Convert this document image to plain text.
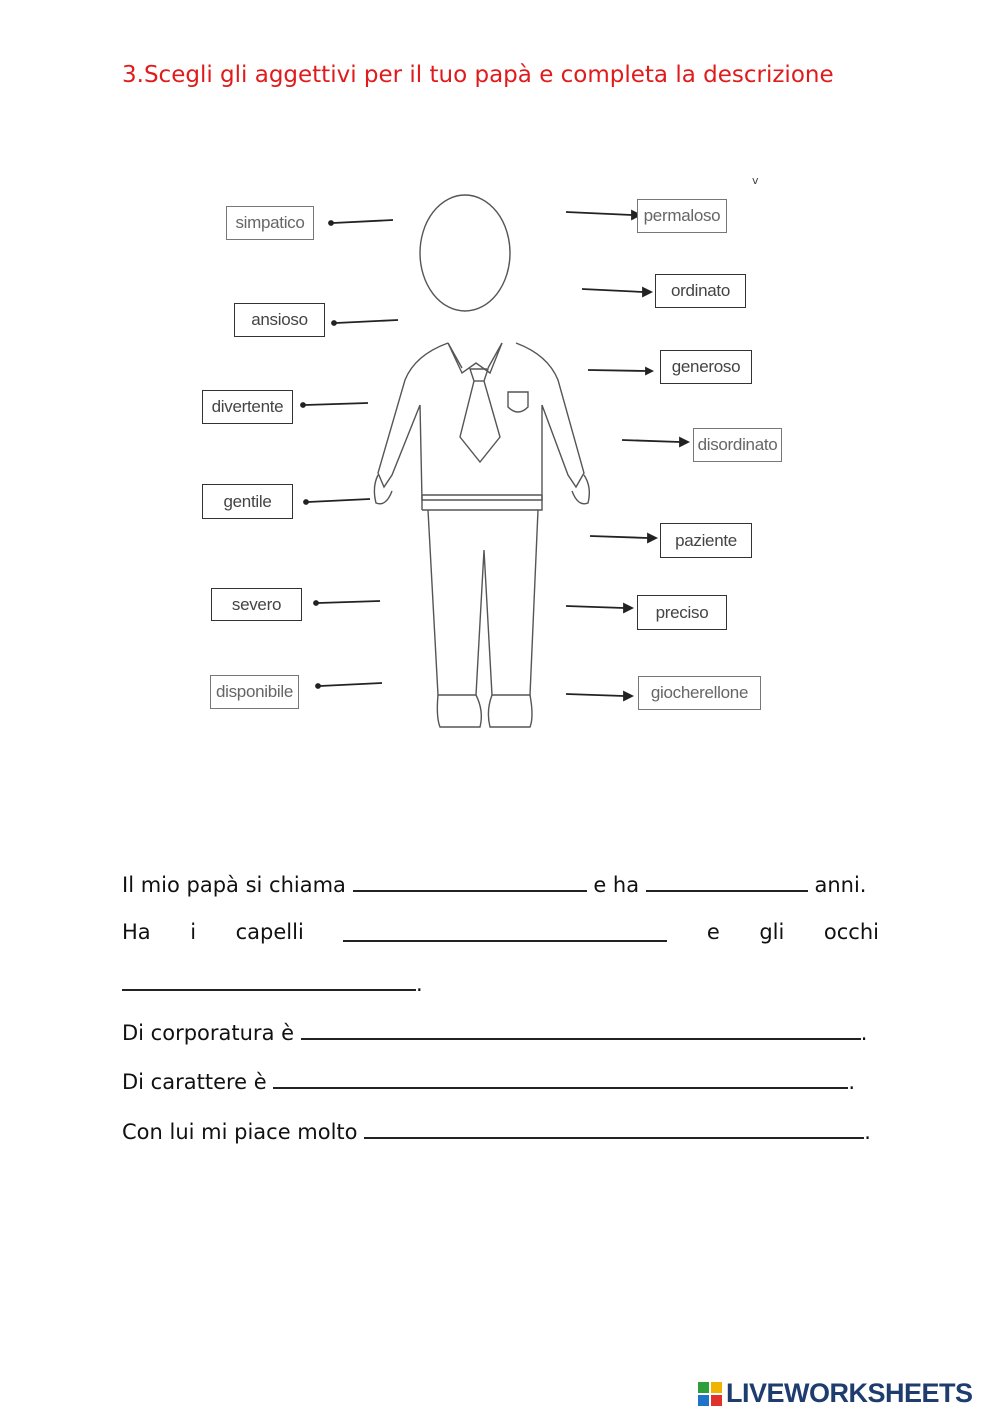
3.Scegli gli aggettivi per il tuo papà e completa la descrizione
v
simpatico
ansioso
divertente
gentile
severo
disponibile
permaloso
ordinato
generoso
disordinato
paziente
preciso
giocherellone
Il mio papà si chiama	e ha	anni.
Ha i capelli	e gli occhi
.
Di corporatura è	.
Di carattere è	.
Con lui mi piace molto	.
LIVEWORKSHEETS
